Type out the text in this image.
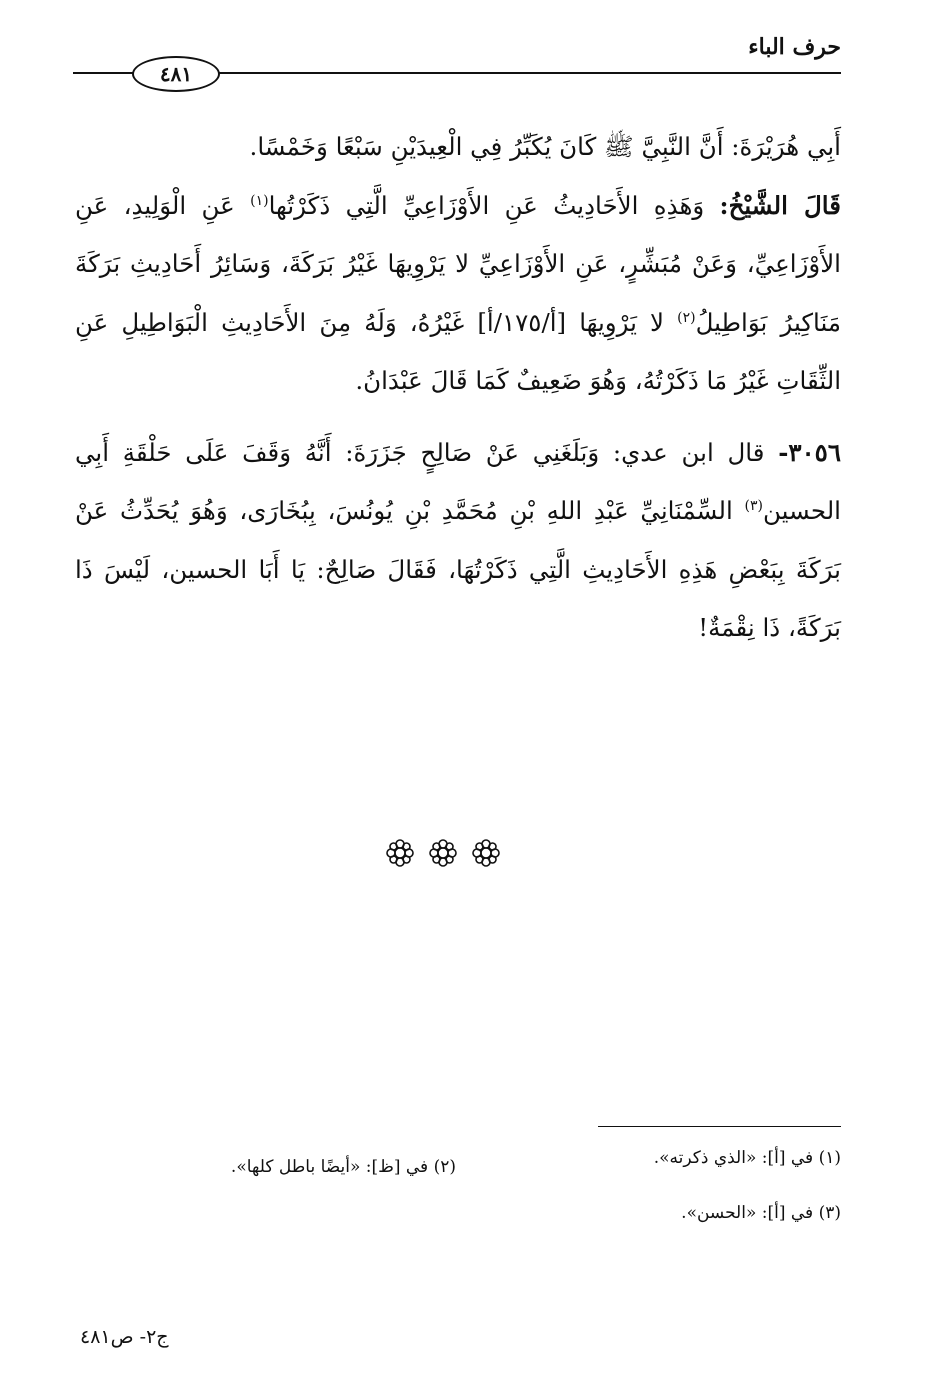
حرف الباء
٤٨١

أَبِي هُرَيْرَةَ: أَنَّ النَّبِيَّ ﷺ كَانَ يُكَبِّرُ فِي الْعِيدَيْنِ سَبْعًا وَخَمْسًا.

قَالَ الشَّيْخُ: وَهَذِهِ الأَحَادِيثُ عَنِ الأَوْزَاعِيِّ الَّتِي ذَكَرْتُها$^{(١)}$ عَنِ الْوَلِيدِ، عَنِ الأَوْزَاعِيِّ، وَعَنْ مُبَشِّرٍ، عَنِ الأَوْزَاعِيِّ لا يَرْوِيهَا غَيْرُ بَرَكَةَ، وَسَائِرُ أَحَادِيثِ بَرَكَةَ مَنَاكِيرُ بَوَاطِيلُ$^{(٢)}$ لا يَرْوِيهَا [أ/١٧٥/أ] غَيْرُهُ، وَلَهُ مِنَ الأَحَادِيثِ الْبَوَاطِيلِ عَنِ الثِّقَاتِ غَيْرُ مَا ذَكَرْتُهُ، وَهُوَ ضَعِيفٌ كَمَا قَالَ عَبْدَانُ.

٣٠٥٦- قال ابن عدي: وَبَلَغَنِي عَنْ صَالِحٍ جَزَرَةَ: أَنَّهُ وَقَفَ عَلَى حَلْقَةِ أَبِي الحسين$^{(٣)}$ السِّمْنَانِيِّ عَبْدِ اللهِ بْنِ مُحَمَّدِ بْنِ يُونُسَ، بِبُخَارَى، وَهُوَ يُحَدِّثُ عَنْ بَرَكَةَ بِبَعْضِ هَذِهِ الأَحَادِيثِ الَّتِي ذَكَرْتُهَا، فَقَالَ صَالِحٌ: يَا أَبَا الحسين، لَيْسَ ذَا بَرَكَةً، ذَا نِقْمَةٌ!

(١) في [أ]: «الذي ذكرته».
(٢) في [ظ]: «أيضًا باطل كلها».
(٣) في [أ]: «الحسن».
ج٢- ص٤٨١
